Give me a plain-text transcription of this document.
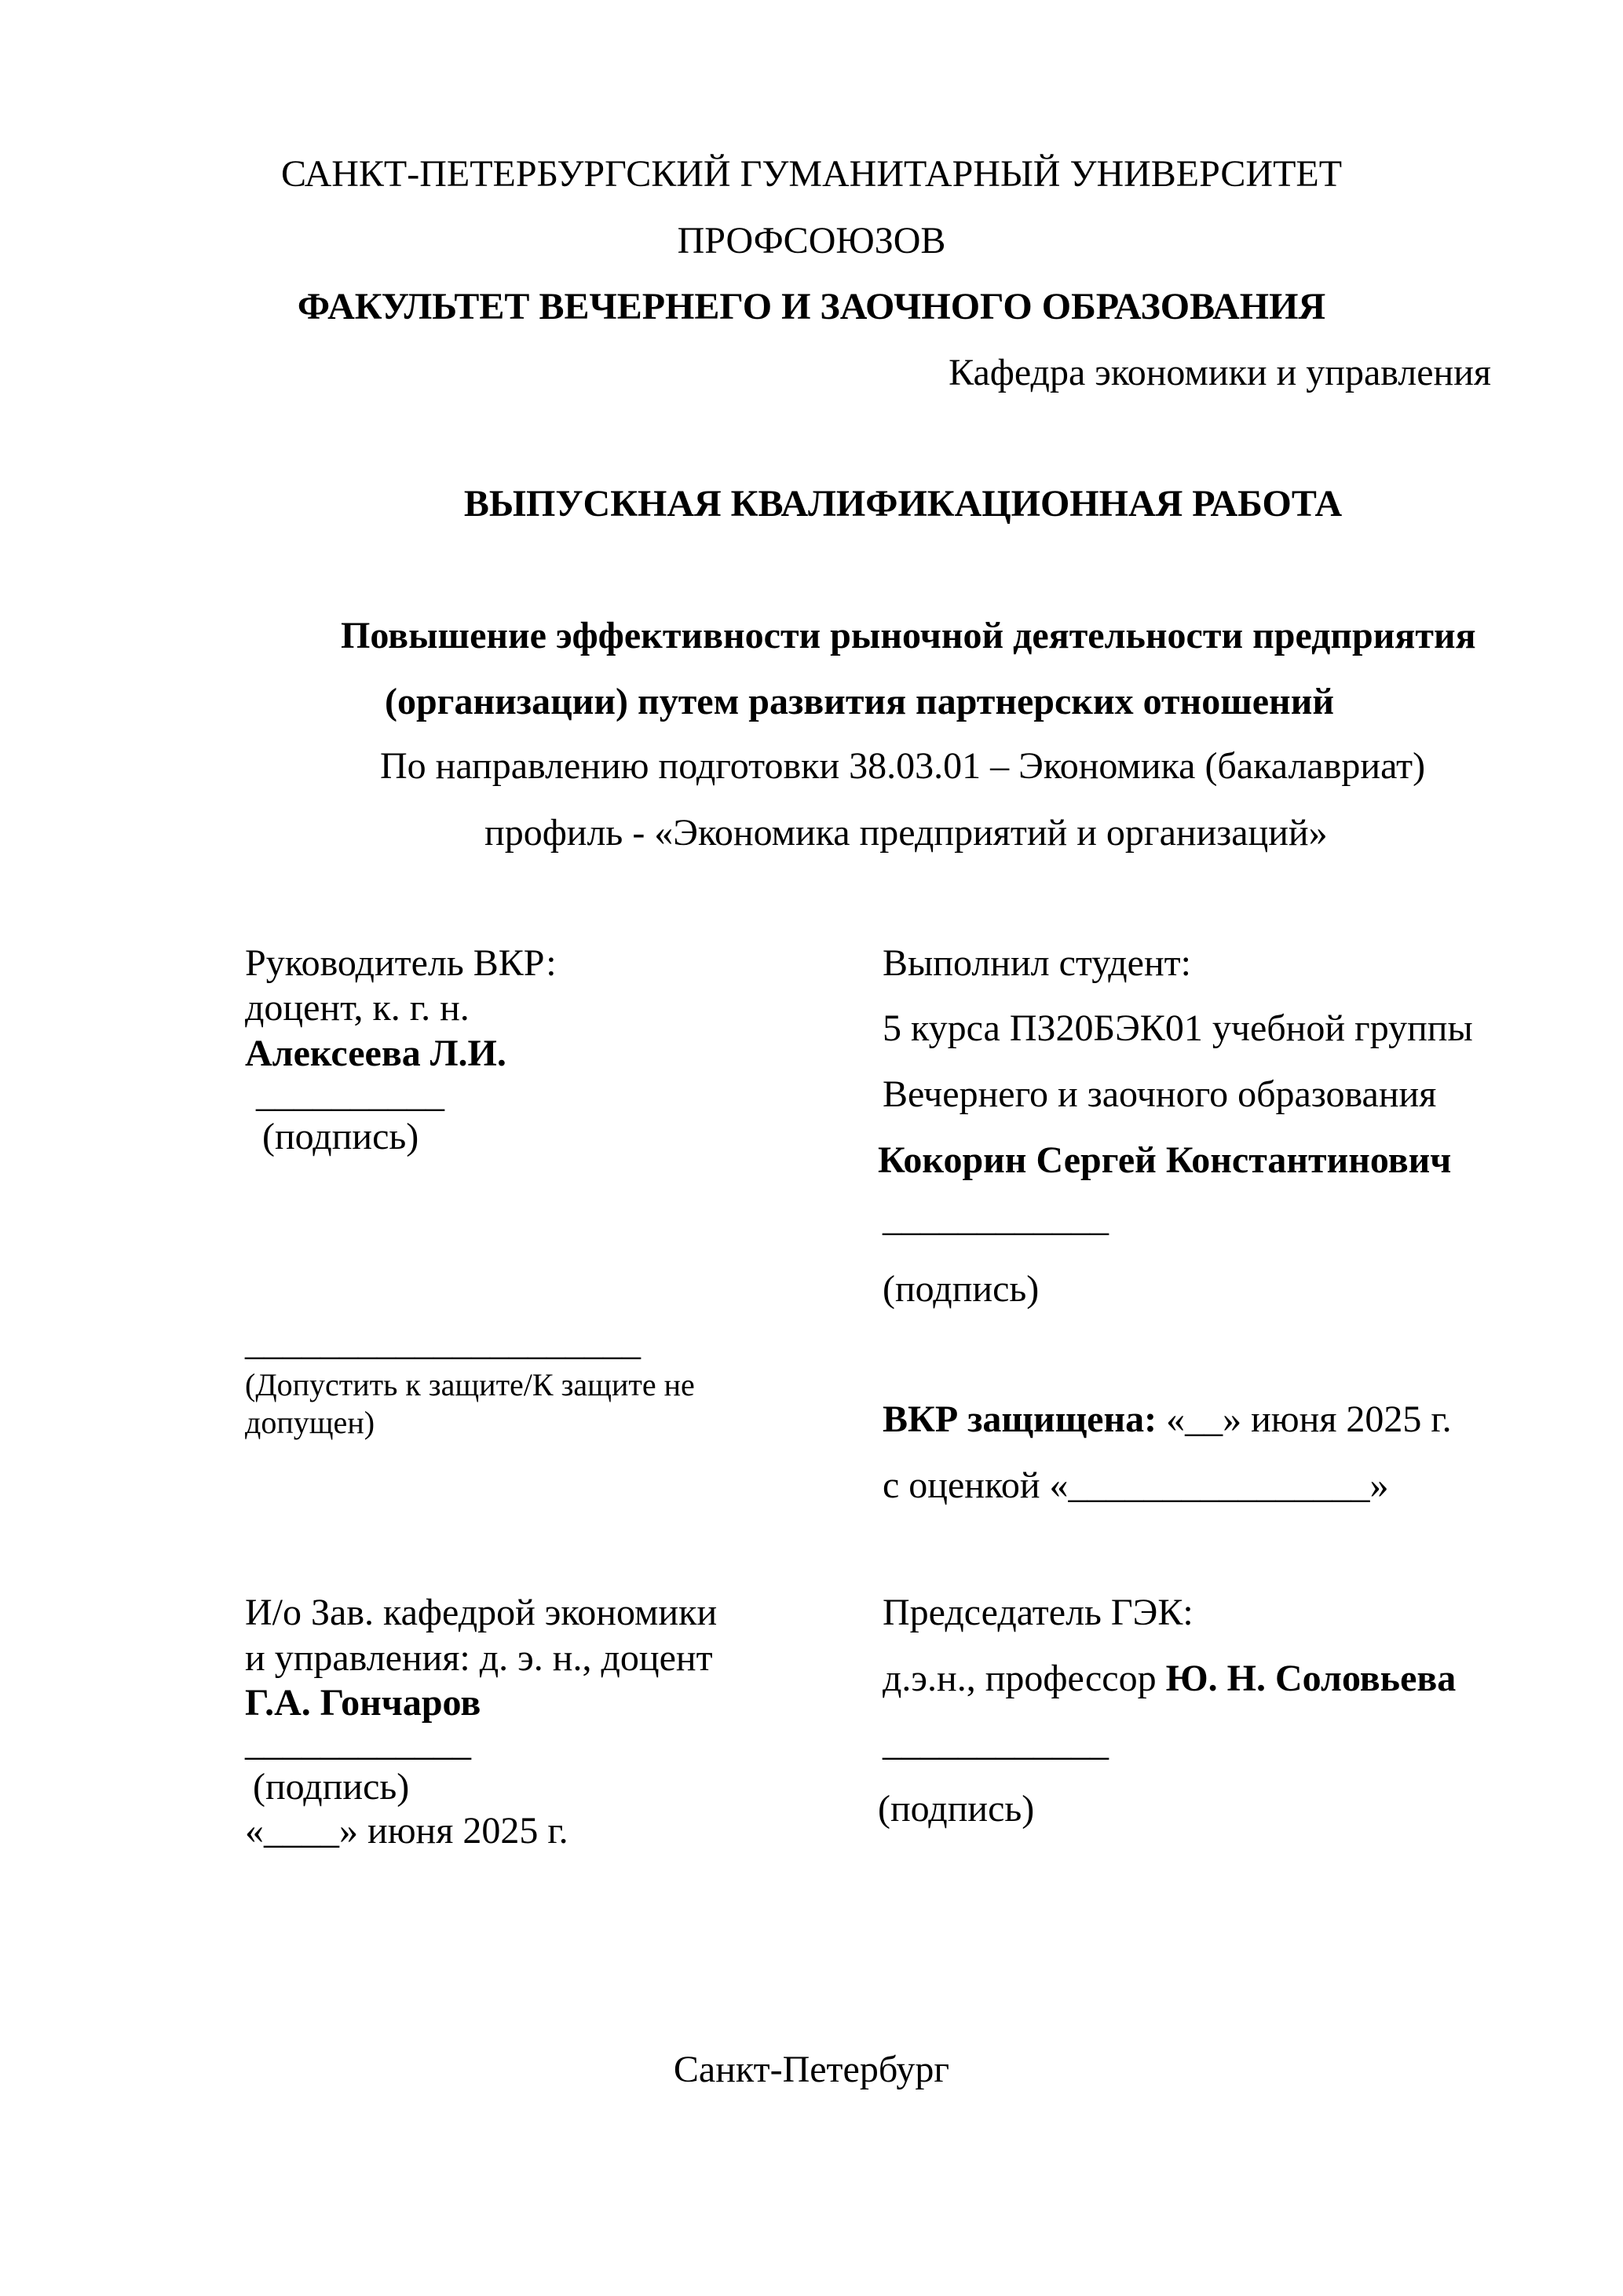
САНКТ-ПЕТЕРБУРГСКИЙ ГУМАНИТАРНЫЙ УНИВЕРСИТЕТ
ПРОФСОЮЗОВ
ФАКУЛЬТЕТ ВЕЧЕРНЕГО И ЗАОЧНОГО ОБРАЗОВАНИЯ
Кафедра экономики и управления
ВЫПУСКНАЯ КВАЛИФИКАЦИОННАЯ РАБОТА
Повышение эффективности рыночной деятельности предприятия
(организации) путем развития партнерских отношений
По направлению подготовки 38.03.01 – Экономика (бакалавриат)
профиль - «Экономика предприятий и организаций»
Руководитель ВКР:
доцент, к. г. н.
Алексеева Л.И.
__________
(подпись)
Выполнил студент:
5 курса ПЗ20БЭК01 учебной группы
Вечернего и заочного образования
Кокорин Сергей Константинович
____________
(подпись)
_____________________
(Допустить к защите/К защите не
допущен)	ВКР защищена: «__» июня 2025 г.
с оценкой «________________»
И/о Зав. кафедрой экономики
и управления: д. э. н., доцент
Г.А. Гончаров
____________
(подпись)
«____» июня 2025 г.
Председатель ГЭК:
д.э.н., профессор Ю. Н. Соловьева
____________
(подпись)
Санкт-Петербург
